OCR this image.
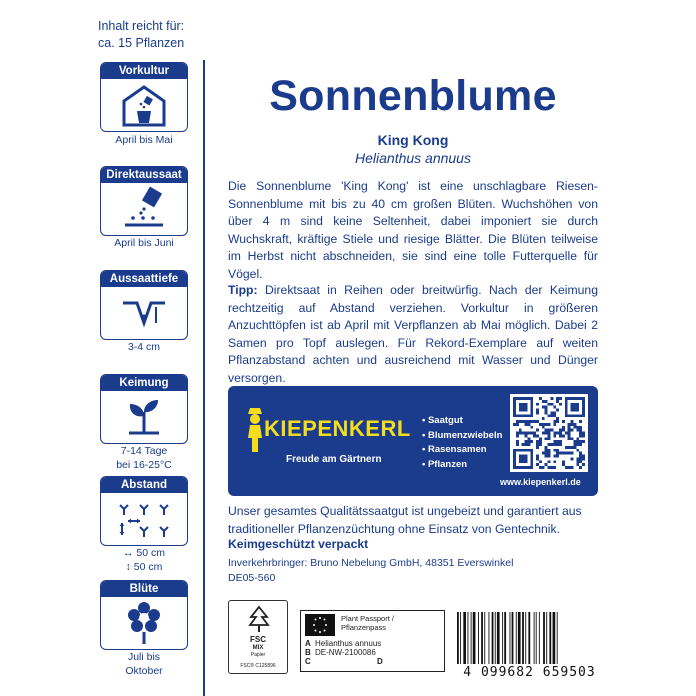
Inhalt reicht für:
ca. 15 Pflanzen
Vorkultur
April bis Mai
Direktaussaat
April bis Juni
Aussaattiefe
3-4 cm
Keimung
7-14 Tage
bei 16-25°C
Abstand
↔ 50 cm
↕ 50 cm
Blüte
Juli bis
Oktober
Sonnenblume
King Kong
Helianthus annuus
Die Sonnenblume 'King Kong' ist eine unschlagbare Riesen-Sonnenblume mit bis zu 40 cm großen Blüten. Wuchshöhen von über 4 m sind keine Seltenheit, dabei imponiert sie durch Wuchskraft, kräftige Stiele und riesige Blätter. Die Blüten teilweise im Herbst nicht abschneiden, sie sind eine tolle Futterquelle für Vögel.
Tipp: Direktsaat in Reihen oder breitwürfig. Nach der Keimung rechtzeitig auf Abstand verziehen. Vorkultur in größeren Anzuchttöpfen ist ab April mit Verpflanzen ab Mai möglich. Dabei 2 Samen pro Topf auslegen. Für Rekord-Exemplare auf weiten Pflanzabstand achten und ausreichend mit Wasser und Dünger versorgen.
KIEPENKERL
Freude am Gärtnern
• Saatgut
• Blumenzwiebeln
• Rasensamen
• Pflanzen
www.kiepenkerl.de
Unser gesamtes Qualitätssaatgut ist ungebeizt und garantiert aus traditioneller Pflanzenzüchtung ohne Einsatz von Gentechnik.
Keimgeschützt verpackt
Inverkehrbringer: Bruno Nebelung GmbH, 48351 Everswinkel
DE05-560
FSC
MIX
Papier
FSC® C125896
Plant Passport /
Pflanzenpass
A Helianthus annuus
B DE-NW-2100086
C	D
4 099682 659503
